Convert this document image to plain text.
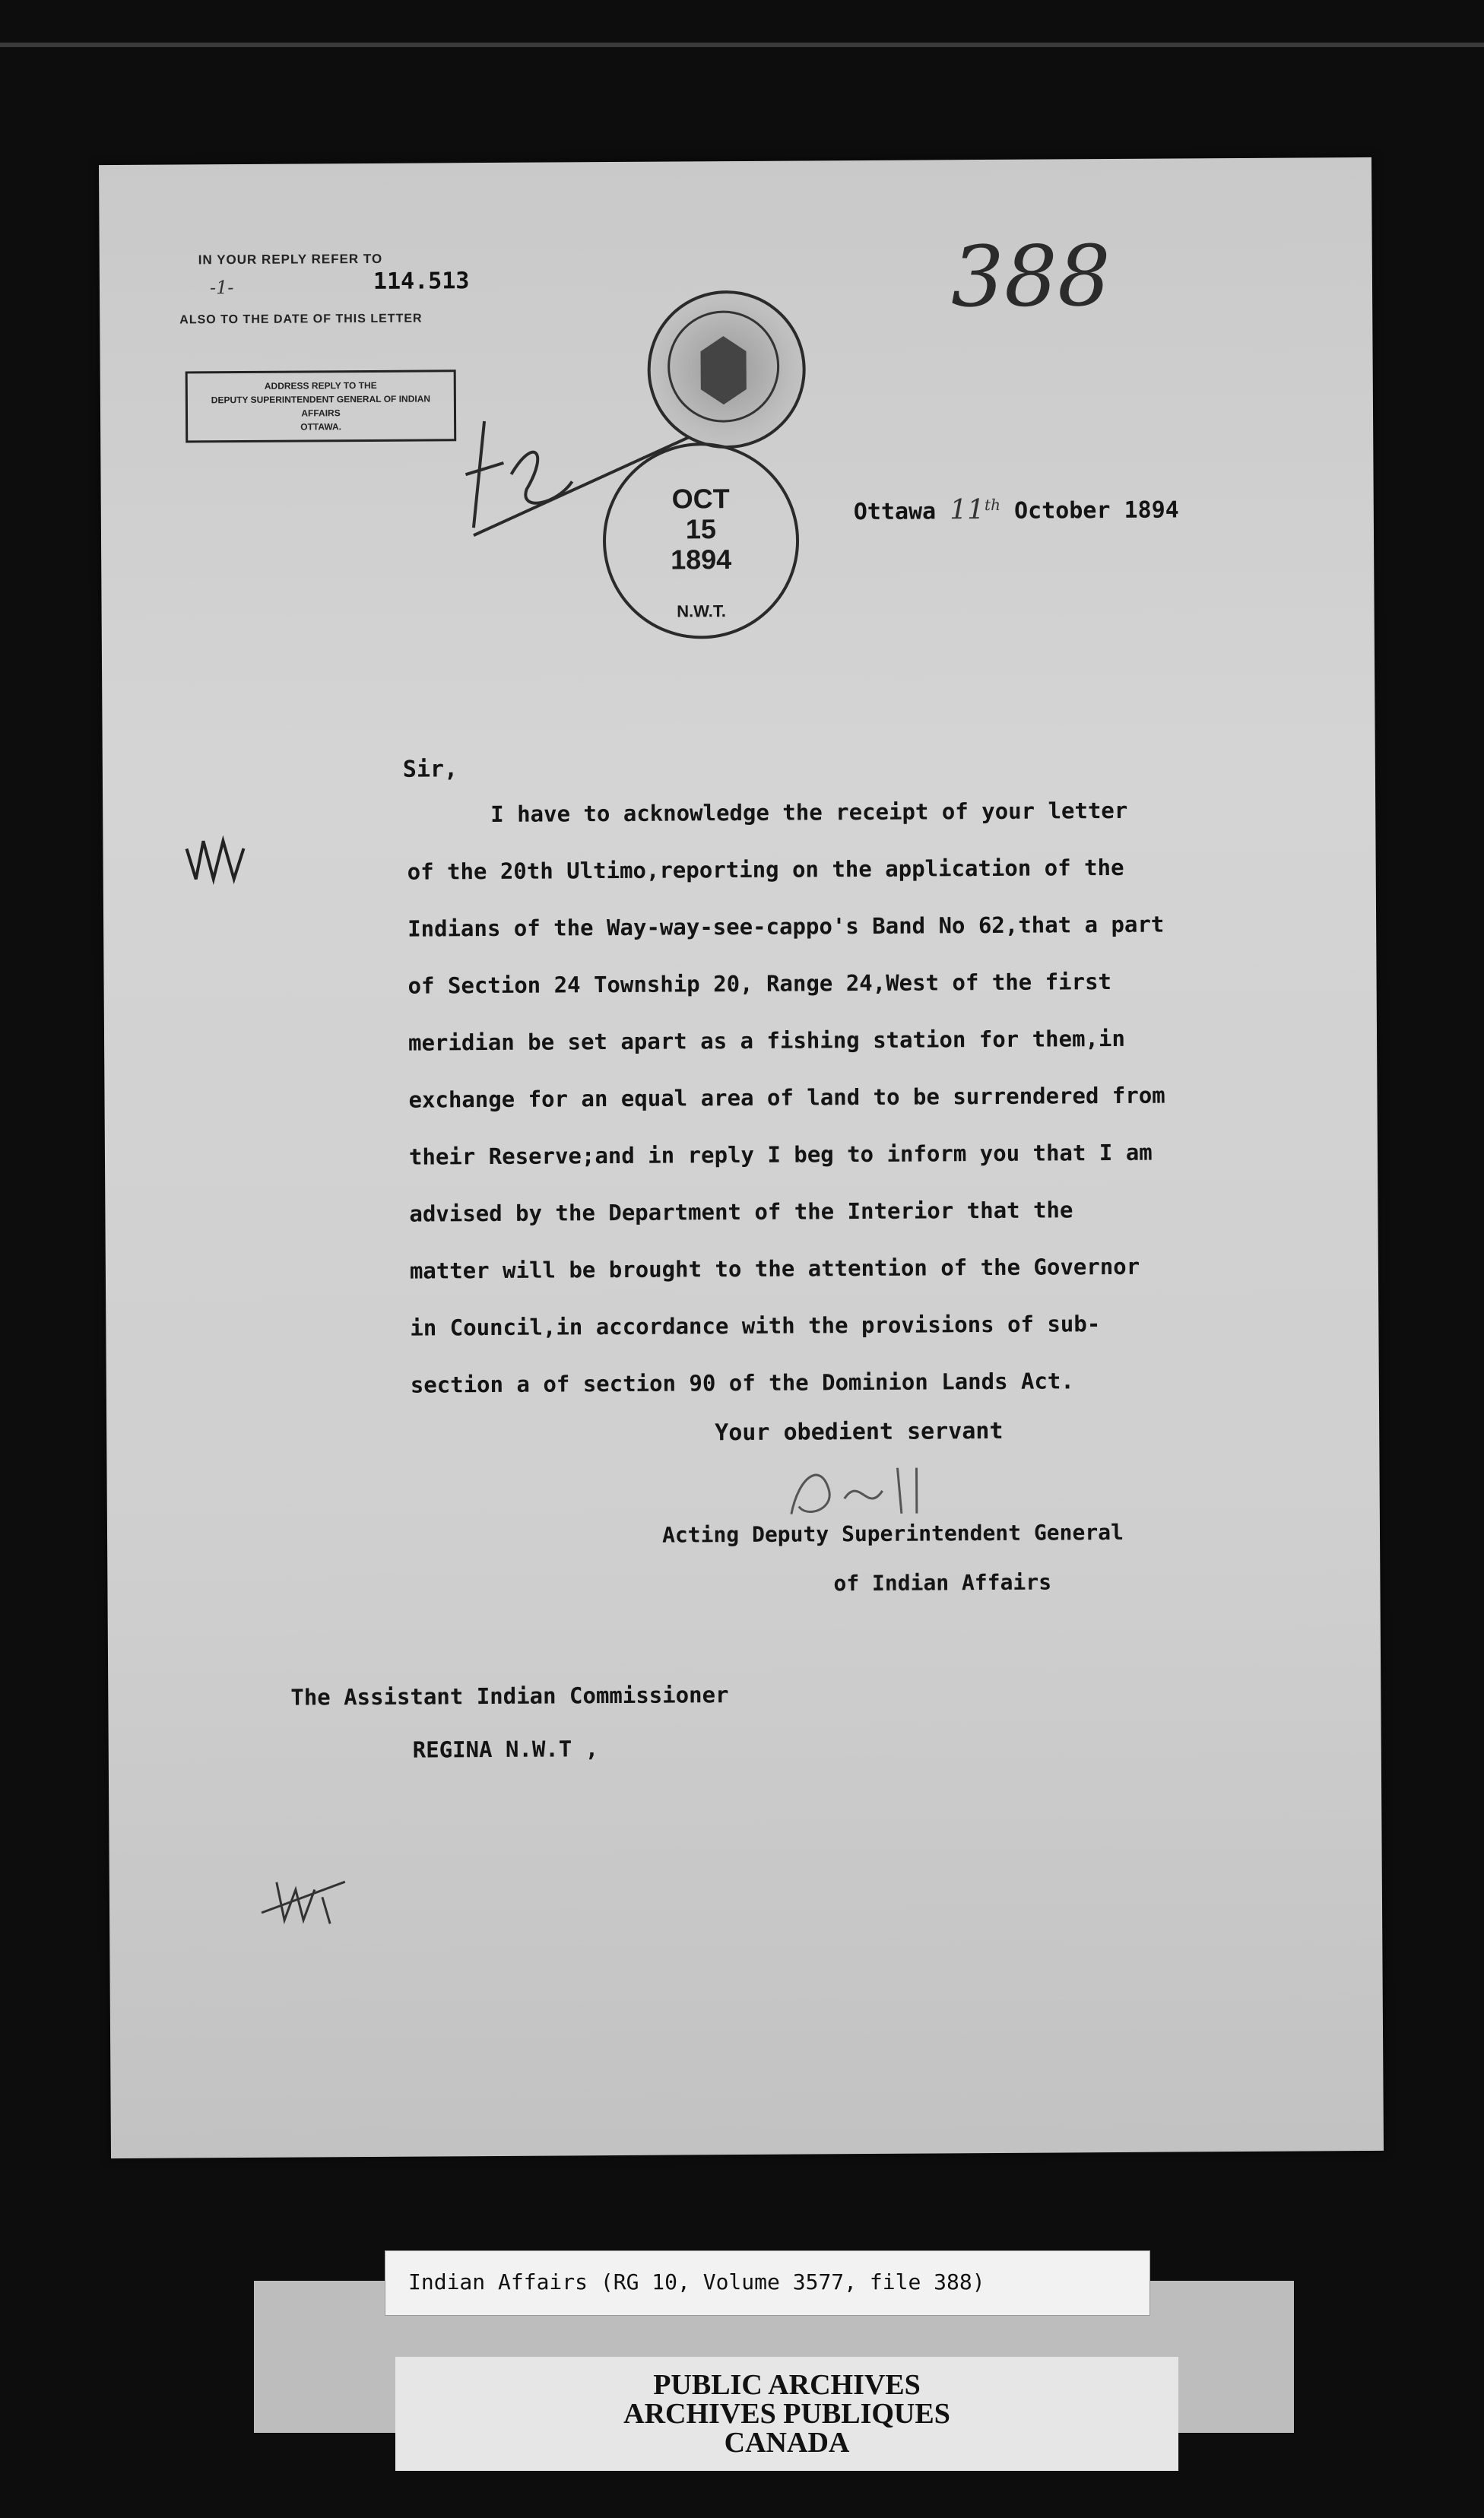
IN YOUR REPLY REFER TO
-1-	114.513
ALSO TO THE DATE OF THIS LETTER
ADDRESS REPLY TO THE
DEPUTY SUPERINTENDENT GENERAL OF INDIAN AFFAIRS
OTTAWA.
388
OCT
15
1894
N.W.T.
Ottawa 11th October 1894
Sir,
I have to acknowledge the receipt of your letter
of the 20th Ultimo,reporting on the application of the
Indians of the Way-way-see-cappo's Band No 62,that a part
of Section 24 Township 20, Range 24,West of the first
meridian be set apart as a fishing station for them,in
exchange for an equal area of land to be surrendered from
their Reserve;and in reply I beg to inform you that I am
advised by the Department of the Interior that the
matter will be brought to the attention of the Governor
in Council,in accordance with the provisions of sub-
section a of section 90 of the Dominion Lands Act.
Your obedient servant
Acting Deputy Superintendent General
of Indian Affairs
The Assistant Indian Commissioner
REGINA N.W.T ,
Indian Affairs (RG 10, Volume 3577, file 388)
PUBLIC ARCHIVES
ARCHIVES PUBLIQUES
CANADA
